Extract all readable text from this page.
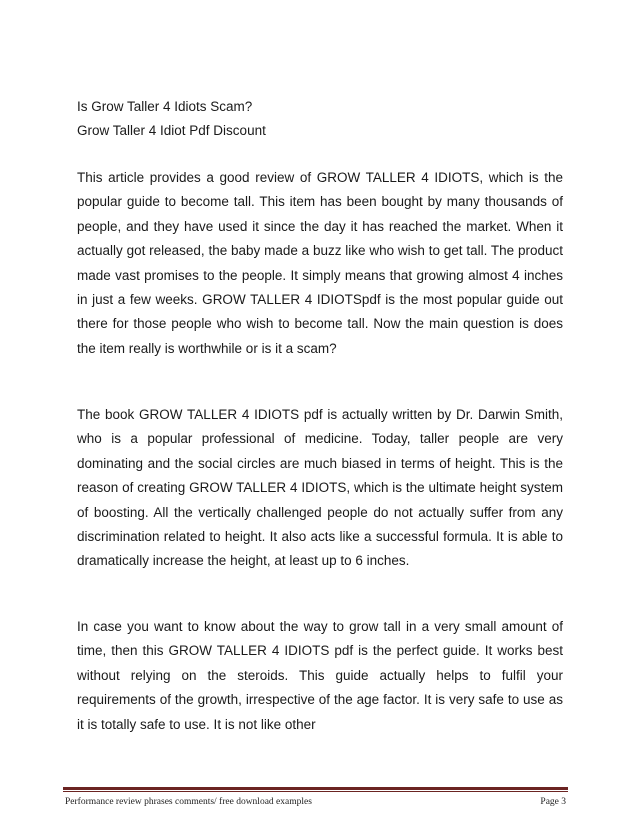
Is Grow Taller 4 Idiots Scam?
Grow Taller 4 Idiot Pdf Discount

This article provides a good review of GROW TALLER 4 IDIOTS, which is the popular guide to become tall. This item has been bought by many thousands of people, and they have used it since the day it has reached the market. When it actually got released, the baby made a buzz like who wish to get tall. The product made vast promises to the people. It simply means that growing almost 4 inches in just a few weeks. GROW TALLER 4 IDIOTSpdf is the most popular guide out there for those people who wish to become tall. Now the main question is does the item really is worthwhile or is it a scam?

The book GROW TALLER 4 IDIOTS pdf is actually written by Dr. Darwin Smith, who is a popular professional of medicine. Today, taller people are very dominating and the social circles are much biased in terms of height. This is the reason of creating GROW TALLER 4 IDIOTS, which is the ultimate height system of boosting. All the vertically challenged people do not actually suffer from any discrimination related to height. It also acts like a successful formula. It is able to dramatically increase the height, at least up to 6 inches.

In case you want to know about the way to grow tall in a very small amount of time, then this GROW TALLER 4 IDIOTS pdf is the perfect guide. It works best without relying on the steroids. This guide actually helps to fulfil your requirements of the growth, irrespective of the age factor. It is very safe to use as it is totally safe to use. It is not like other

Performance review phrases comments/ free download examples	Page 3
